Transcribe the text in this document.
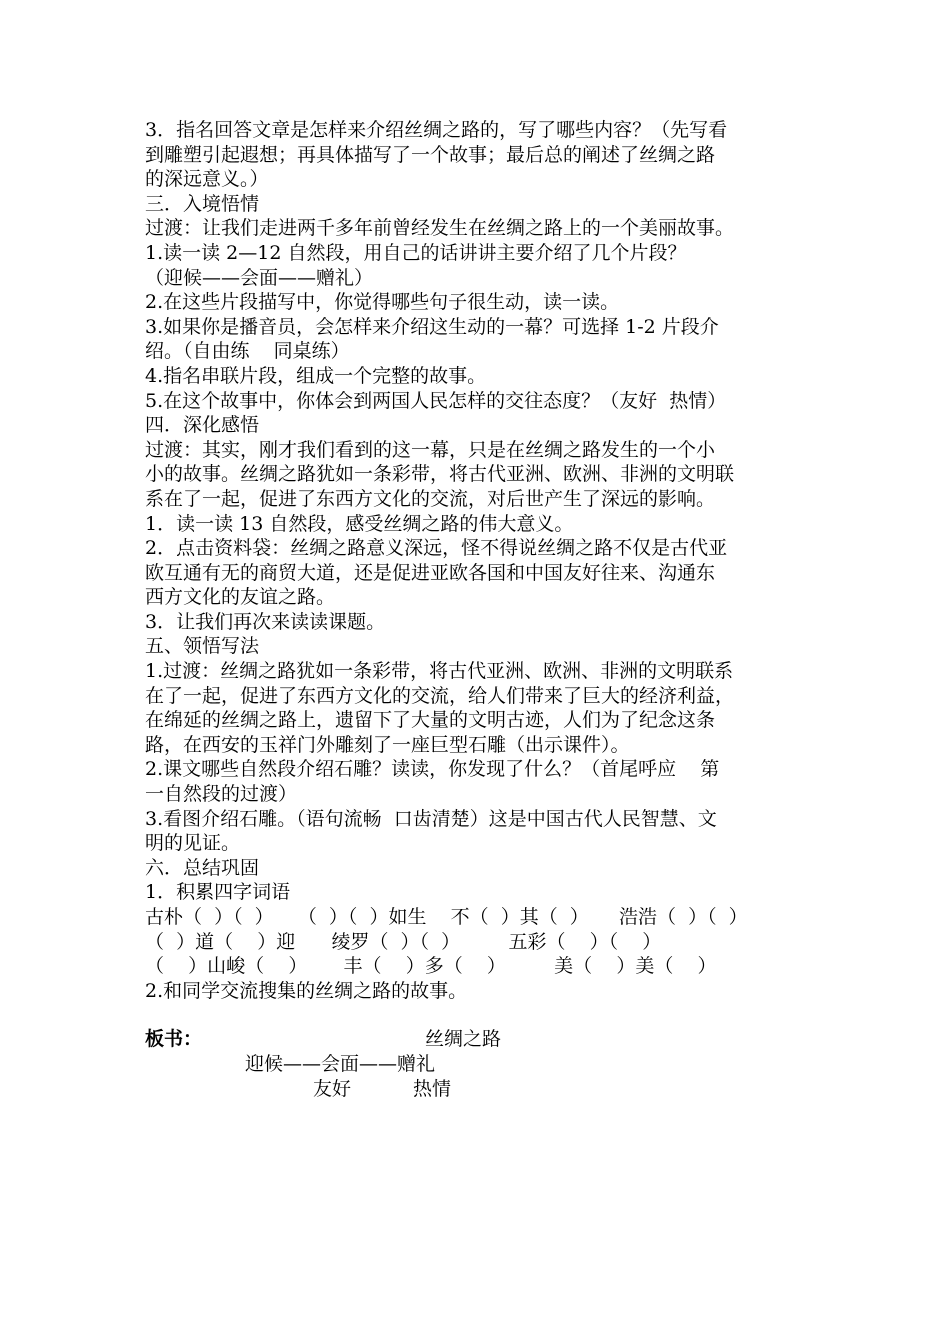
3．指名回答文章是怎样来介绍丝绸之路的，写了哪些内容？（先写看
到雕塑引起遐想；再具体描写了一个故事；最后总的阐述了丝绸之路
的深远意义。）
三．入境悟情
过渡：让我们走进两千多年前曾经发生在丝绸之路上的一个美丽故事。
1.读一读 2—12 自然段，用自己的话讲讲主要介绍了几个片段？
（迎候——会面——赠礼）
2.在这些片段描写中，你觉得哪些句子很生动，读一读。
3.如果你是播音员，会怎样来介绍这生动的一幕？可选择 1-2 片段介
绍。（自由练    同桌练）
4.指名串联片段，组成一个完整的故事。
5.在这个故事中，你体会到两国人民怎样的交往态度？（友好  热情）
四．深化感悟
过渡：其实，刚才我们看到的这一幕，只是在丝绸之路发生的一个小
小的故事。丝绸之路犹如一条彩带，将古代亚洲、欧洲、非洲的文明联
系在了一起，促进了东西方文化的交流，对后世产生了深远的影响。
1．读一读 13 自然段，感受丝绸之路的伟大意义。
2．点击资料袋：丝绸之路意义深远，怪不得说丝绸之路不仅是古代亚
欧互通有无的商贸大道，还是促进亚欧各国和中国友好往来、沟通东
西方文化的友谊之路。
3．让我们再次来读读课题。
五、领悟写法
1.过渡：丝绸之路犹如一条彩带，将古代亚洲、欧洲、非洲的文明联系
在了一起，促进了东西方文化的交流，给人们带来了巨大的经济利益，
在绵延的丝绸之路上，遗留下了大量的文明古迹，人们为了纪念这条
路，在西安的玉祥门外雕刻了一座巨型石雕（出示课件）。
2.课文哪些自然段介绍石雕？读读，你发现了什么？（首尾呼应    第
一自然段的过渡）
3.看图介绍石雕。（语句流畅  口齿清楚）这是中国古代人民智慧、文
明的见证。
六．总结巩固
1．积累四字词语
古朴（  ）（  ）    （  ）（  ）如生    不（  ）其（  ）     浩浩（  ）（  ）
（  ）道（    ）迎      绫罗（  ）（  ）        五彩（    ）（    ）
（    ）山峻（    ）      丰（    ）多（    ）        美（    ）美（    ）
2.和同学交流搜集的丝绸之路的故事。

板书：

	丝绸之路

迎候——会面——赠礼

友好

	热情
